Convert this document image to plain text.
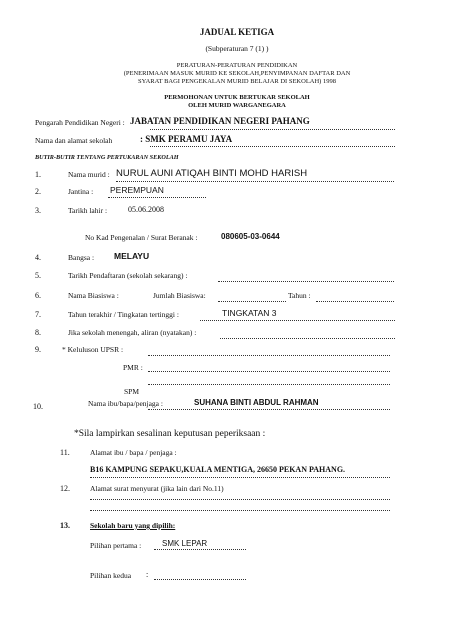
JADUAL KETIGA
(Subperaturan 7 (1) )
PERATURAN-PERATURAN PENDIDIKAN
(PENERIMAAN MASUK MURID KE SEKOLAH,PENYIMPANAN DAFTAR DAN
SYARAT BAGI PENGEKALAN MURID BELAJAR DI SEKOLAH) 1998
PERMOHONAN UNTUK BERTUKAR SEKOLAH
OLEH MURID WARGANEGARA
Pengarah Pendidikan Negeri : JABATAN PENDIDIKAN NEGERI PAHANG
Nama dan alamat sekolah	: SMK PERAMU JAYA
BUTIR-BUTIR TENTANG PERTUKARAN SEKOLAH
1.	Nama murid : NURUL AUNI ATIQAH BINTI MOHD HARISH
2.	Jantina : PEREMPUAN
3.	Tarikh lahir :	05.06.2008
No Kad Pengenalan / Surat Beranak :	080605-03-0644
4.	Bangsa : MELAYU
5.	Tarikh Pendaftaran (sekolah sekarang) :
6.	Nama Biasiswa :	Jumlah Biasiswa:	Tahun :
7.	Tahun terakhir / Tingkatan tertinggi :	TINGKATAN 3
8.	Jika sekolah menengah, aliran (nyatakan) :
9.	* Keluluson UPSR :
PMR :
SPM
10.	Nama ibu/bapa/penjaga :	SUHANA BINTI ABDUL RAHMAN
*Sila lampirkan sesalinan keputusan peperiksaan :
11.	Alamat ibu / bapa / penjaga :
B16 KAMPUNG SEPAKU,KUALA MENTIGA, 26650 PEKAN PAHANG.
12.	Alamat surat menyurat (jika lain dari No.11)
13.	Sekolah baru yang dipilih:
Pilihan pertama :	SMK LEPAR
Pilihan kedua :
